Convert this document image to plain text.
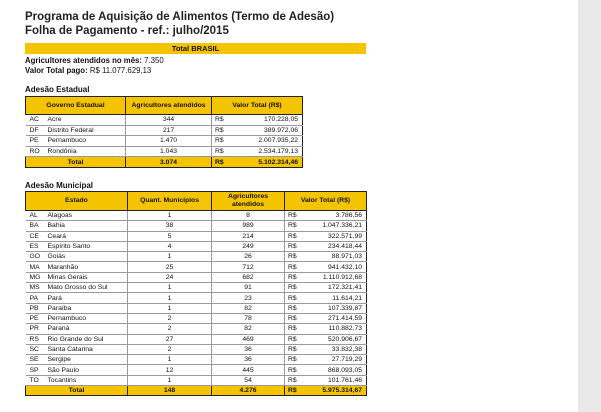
Programa de Aquisição de Alimentos (Termo de Adesão)
Folha de Pagamento - ref.: julho/2015
Total BRASIL
Agricultores atendidos no mês: 7.350
Valor Total pago: R$ 11.077.629,13
Adesão Estadual
Governo Estadual		Agricultores atendidos	Valor Total (R$)		
AC	Acre	344	R$	170.228,05	
DF	Distrito Federal	217	R$	389.972,06	
PE	Pernambuco	1.470	R$	2.007.935,22	
RO	Rondônia	1.043	R$	2.534.179,13	
Total		3.074	R$	5.102.314,46	
Adesão Municipal
Estado		Quant. Municípios	Agricultores atendidos	Valor Total (R$)	
AL	Alagoas	1	8	R$	3.786,56
BA	Bahia	38	989	R$	1.047.336,21
CE	Ceará	5	214	R$	322.571,99
ES	Espírito Santo	4	249	R$	234.418,44
GO	Goiás	1	26	R$	88.971,03
MA	Maranhão	25	712	R$	941.432,10
MG	Minas Gerais	24	682	R$	1.110.912,68
MS	Mato Grosso do Sul	1	91	R$	172.321,41
PA	Pará	1	23	R$	11.614,21
PB	Paraíba	1	82	R$	107.339,87
PE	Pernambuco	2	78	R$	271.414,59
PR	Paraná	2	82	R$	110.882,73
RS	Rio Grande do Sul	27	469	R$	520.906,67
SC	Santa Catarina	2	36	R$	33.832,38
SE	Sergipe	1	36	R$	27.719,29
SP	São Paulo	12	445	R$	868.093,05
TO	Tocantins	1	54	R$	101.761,46
Total		148	4.276	R$	5.975.314,67
